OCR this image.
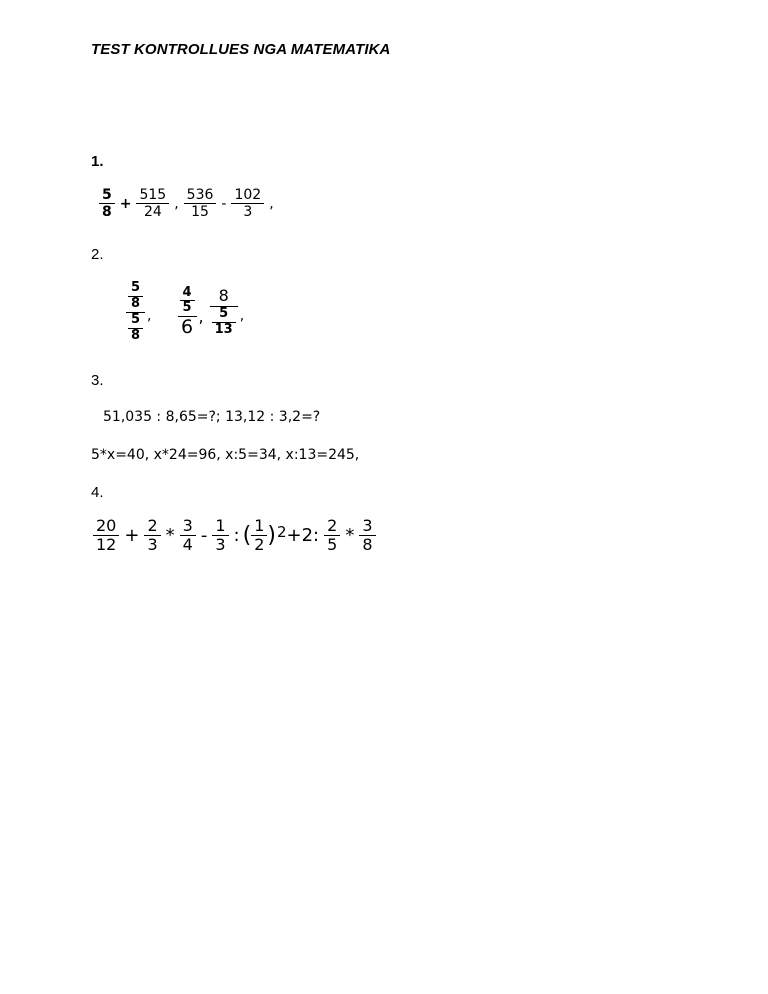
TEST KONTROLLUES NGA MATEMATIKA
1.
$\frac{5}{8} + \frac{515}{24}$ , $\frac{536}{15} - \frac{102}{3}$ ,
2.
$\frac{\frac{5}{8}}{\frac{5}{8}}$ , $\frac{\frac{4}{5}}{6}$ , $\frac{8}{\frac{5}{13}}$ ,
3.
51,035 : 8,65=?; 13,12 : 3,2=?
5*x=40, x*24=96, x:5=34, x:13=245,
4.
$\frac{20}{12} + \frac{2}{3} * \frac{3}{4} - \frac{1}{3}$ : ( $\frac{1}{2}$ ) 2 +2: $\frac{2}{5} * \frac{3}{8}$
